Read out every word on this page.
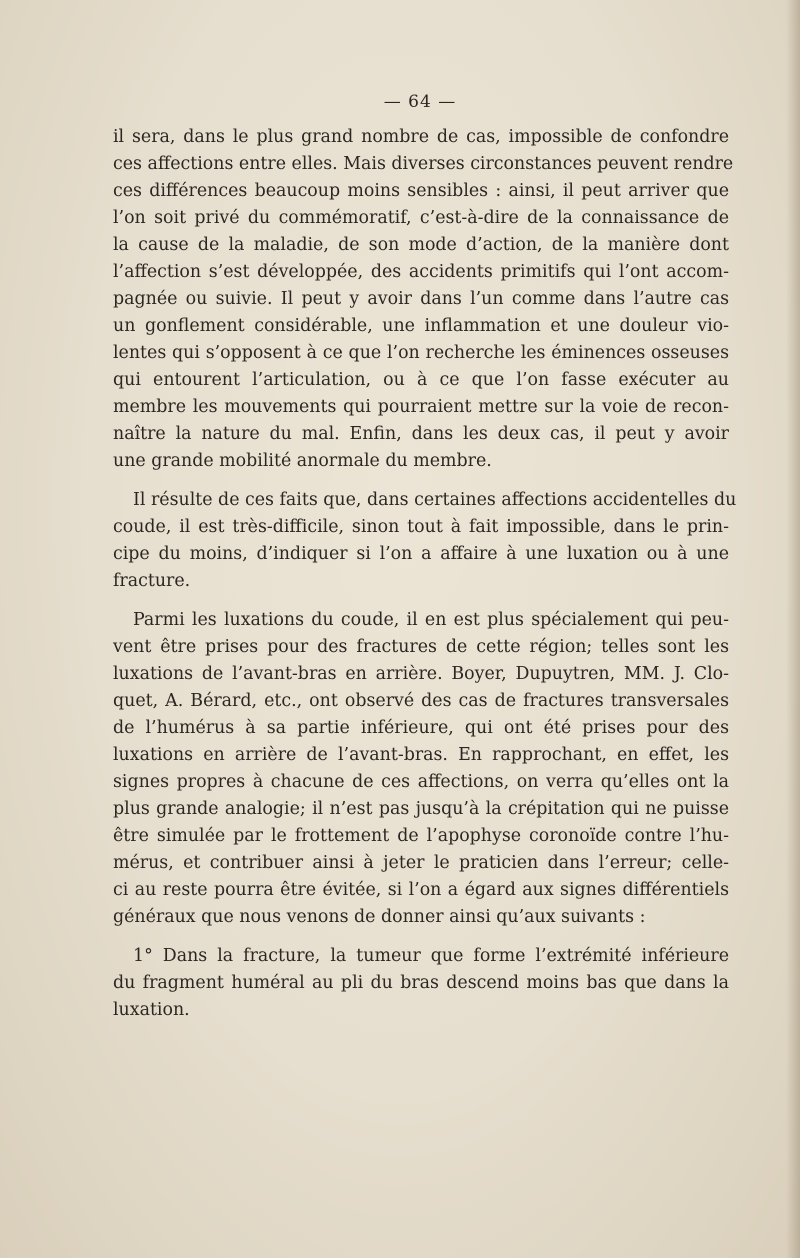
— 64 —
il sera, dans le plus grand nombre de cas, impossible de confondre
ces affections entre elles. Mais diverses circonstances peuvent rendre
ces différences beaucoup moins sensibles : ainsi, il peut arriver que
l’on soit privé du commémoratif, c’est-à-dire de la connaissance de
la cause de la maladie, de son mode d’action, de la manière dont
l’affection s’est développée, des accidents primitifs qui l’ont accom-
pagnée ou suivie. Il peut y avoir dans l’un comme dans l’autre cas
un gonflement considérable, une inflammation et une douleur vio-
lentes qui s’opposent à ce que l’on recherche les éminences osseuses
qui entourent l’articulation, ou à ce que l’on fasse exécuter au
membre les mouvements qui pourraient mettre sur la voie de recon-
naître la nature du mal. Enfin, dans les deux cas, il peut y avoir
une grande mobilité anormale du membre.
Il résulte de ces faits que, dans certaines affections accidentelles du
coude, il est très-difficile, sinon tout à fait impossible, dans le prin-
cipe du moins, d’indiquer si l’on a affaire à une luxation ou à une
fracture.
Parmi les luxations du coude, il en est plus spécialement qui peu-
vent être prises pour des fractures de cette région; telles sont les
luxations de l’avant-bras en arrière. Boyer, Dupuytren, MM. J. Clo-
quet, A. Bérard, etc., ont observé des cas de fractures transversales
de l’humérus à sa partie inférieure, qui ont été prises pour des
luxations en arrière de l’avant-bras. En rapprochant, en effet, les
signes propres à chacune de ces affections, on verra qu’elles ont la
plus grande analogie; il n’est pas jusqu’à la crépitation qui ne puisse
être simulée par le frottement de l’apophyse coronoïde contre l’hu-
mérus, et contribuer ainsi à jeter le praticien dans l’erreur; celle-
ci au reste pourra être évitée, si l’on a égard aux signes différentiels
généraux que nous venons de donner ainsi qu’aux suivants :
1° Dans la fracture, la tumeur que forme l’extrémité inférieure
du fragment huméral au pli du bras descend moins bas que dans la
luxation.
